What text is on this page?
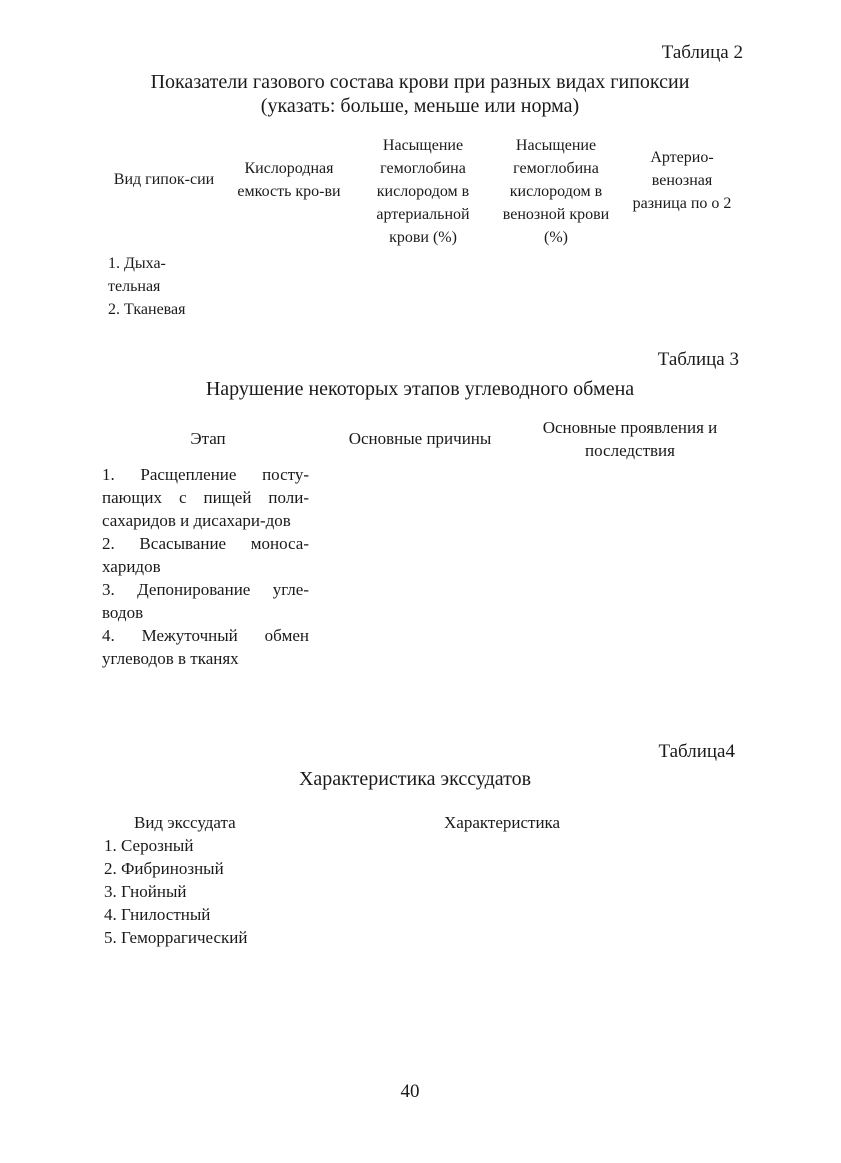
Таблица 2
Показатели газового состава крови при разных видах гипоксии
(указать: больше, меньше или норма)
Вид гипок-сии
Кислородная емкость кро-ви
Насыщение гемоглобина кислородом в артериальной крови (%)
Насыщение гемоглобина кислородом в венозной крови (%)
Артерио-венозная разница по о 2
1. Дыха-тельная
2. Тканевая
Таблица 3
Нарушение некоторых этапов углеводного обмена
Этап	Основные причины
Основные проявления и последствия
1. Расщепление посту-пающих с пищей поли-сахаридов и дисахари-дов
2. Всасывание моноса-харидов
3. Депонирование угле-водов
4. Межуточный обмен углеводов в тканях
Таблица4
Характеристика экссудатов
Вид экссудата	Характеристика
1. Серозный
2. Фибринозный
3. Гнойный
4. Гнилостный
5. Геморрагический
40
